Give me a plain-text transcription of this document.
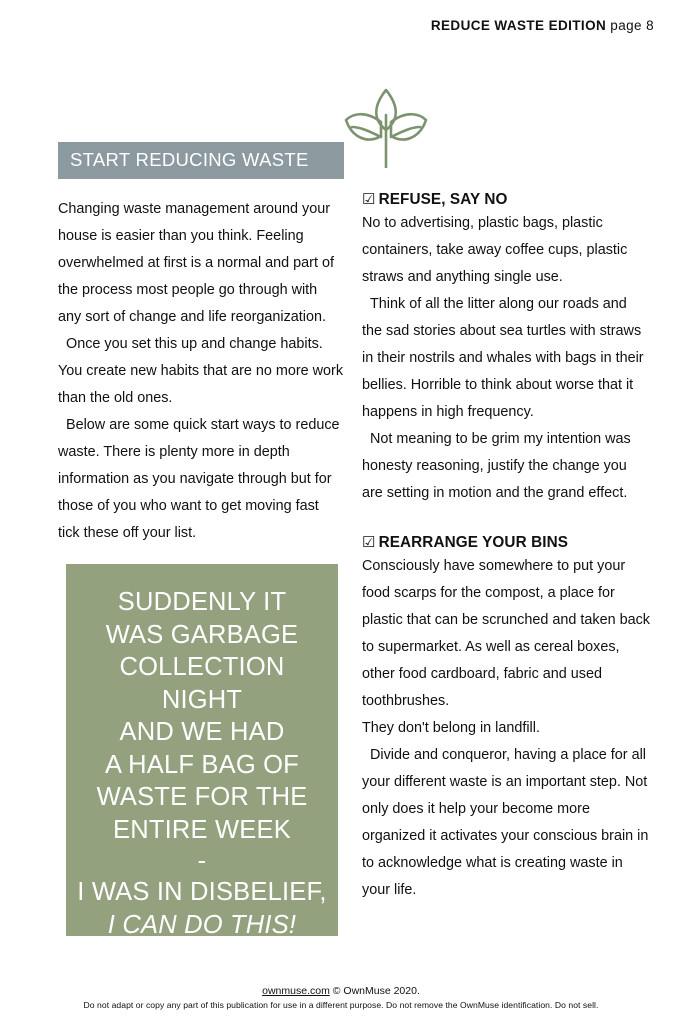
REDUCE WASTE EDITION page 8
START REDUCING WASTE

Changing waste management around your house is easier than you think. Feeling overwhelmed at first is a normal and part of the process most people go through with any sort of change and life reorganization.

Once you set this up and change habits. You create new habits that are no more work than the old ones.

Below are some quick start ways to reduce waste. There is plenty more in depth information as you navigate through but for those of you who want to get moving fast tick these off your list.

SUDDENLY IT
WAS GARBAGE
COLLECTION
NIGHT
AND WE HAD
A HALF BAG OF
WASTE FOR THE
ENTIRE WEEK
-
I WAS IN DISBELIEF,
I CAN DO THIS!
☑ REFUSE, SAY NO

No to advertising, plastic bags, plastic containers, take away coffee cups, plastic straws and anything single use.

Think of all the litter along our roads and the sad stories about sea turtles with straws in their nostrils and whales with bags in their bellies. Horrible to think about worse that it happens in high frequency.

Not meaning to be grim my intention was honesty reasoning, justify the change you are setting in motion and the grand effect.

☑ REARRANGE YOUR BINS

Consciously have somewhere to put your food scarps for the compost, a place for plastic that can be scrunched and taken back to supermarket. As well as cereal boxes, other food cardboard, fabric and used toothbrushes.

They don't belong in landfill.

Divide and conqueror, having a place for all your different waste is an important step. Not only does it help your become more organized it activates your conscious brain in to acknowledge what is creating waste in your life.

ownmuse.com © OwnMuse 2020.
Do not adapt or copy any part of this publication for use in a different purpose. Do not remove the OwnMuse identification. Do not sell.
